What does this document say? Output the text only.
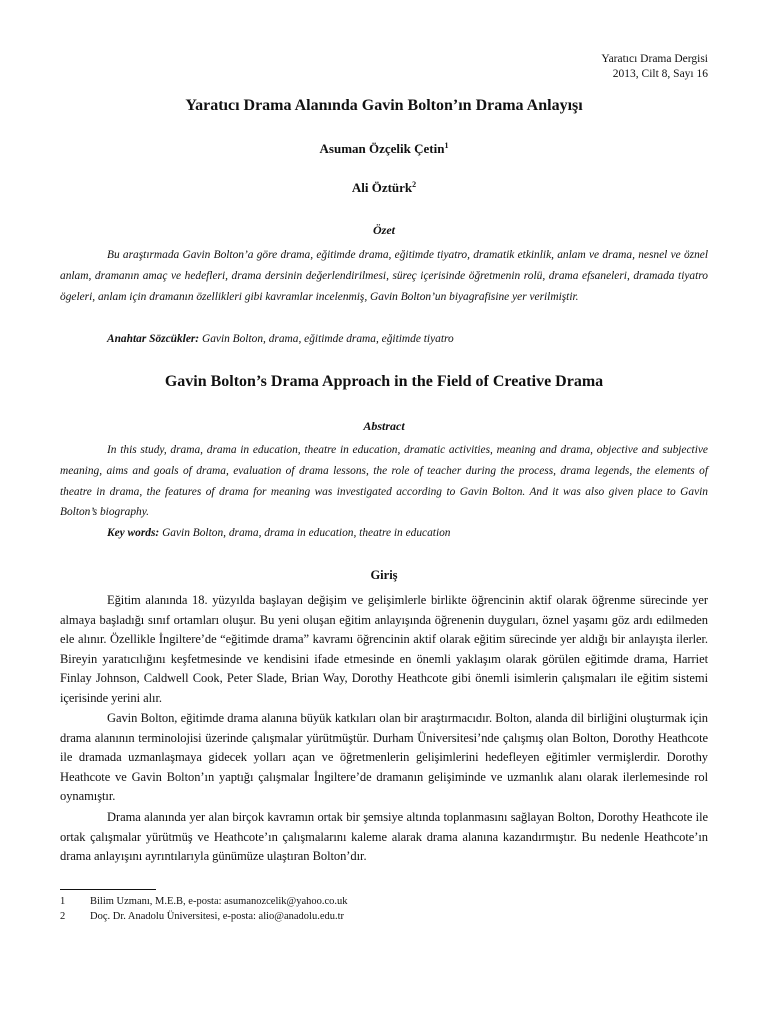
Yaratıcı Drama Dergisi
2013, Cilt 8, Sayı 16
Yaratıcı Drama Alanında Gavin Bolton’ın Drama Anlayışı
Asuman Özçelik Çetin$^1$
Ali Öztürk$^2$
Özet

Bu araştırmada Gavin Bolton’a göre drama, eğitimde drama, eğitimde tiyatro, dramatik etkinlik, anlam ve drama, nesnel ve öznel anlam, dramanın amaç ve hedefleri, drama dersinin değerlendirilmesi, süreç içerisinde öğretmenin rolü, drama efsaneleri, dramada tiyatro ögeleri, anlam için dramanın özellikleri gibi kavramlar incelenmiş, Gavin Bolton’un biyagrafisine yer verilmiştir.

Anahtar Sözcükler: Gavin Bolton, drama, eğitimde drama, eğitimde tiyatro
Gavin Bolton’s Drama Approach in the Field of Creative Drama
Abstract

In this study, drama, drama in education, theatre in education, dramatic activities, meaning and drama, objective and subjective meaning, aims and goals of drama, evaluation of drama lessons, the role of teacher during the process, drama legends, the elements of theatre in drama, the features of drama for meaning was investigated according to Gavin Bolton. And it was also given place to Gavin Bolton’s biography.

Key words: Gavin Bolton, drama, drama in education, theatre in education
Giriş

Eğitim alanında 18. yüzyılda başlayan değişim ve gelişimlerle birlikte öğrencinin aktif olarak öğrenme sürecinde yer almaya başladığı sınıf ortamları oluşur. Bu yeni oluşan eğitim anlayışında öğrenenin duyguları, öznel yaşamı göz ardı edilmeden ele alınır. Özellikle İngiltere’de “eğitimde drama” kavramı öğrencinin aktif olarak eğitim sürecinde yer aldığı bir anlayışta ilerler. Bireyin yaratıcılığını keşfetmesinde ve kendisini ifade etmesinde en önemli yaklaşım olarak görülen eğitimde drama, Harriet Finlay Johnson, Caldwell Cook, Peter Slade, Brian Way, Dorothy Heathcote gibi önemli isimlerin çalışmaları ile eğitim sistemi içerisinde yerini alır.

Gavin Bolton, eğitimde drama alanına büyük katkıları olan bir araştırmacıdır. Bolton, alanda dil birliğini oluşturmak için drama alanının terminolojisi üzerinde çalışmalar yürütmüştür. Durham Üniversitesi’nde çalışmış olan Bolton, Dorothy Heathcote ile dramada uzmanlaşmaya gidecek yolları açan ve öğretmenlerin gelişimlerini hedefleyen eğitimler vermişlerdir. Dorothy Heathcote ve Gavin Bolton’ın yaptığı çalışmalar İngiltere’de dramanın gelişiminde ve uzmanlık alanı olarak ilerlemesinde rol oynamıştır.

Drama alanında yer alan birçok kavramın ortak bir şemsiye altında toplanmasını sağlayan Bolton, Dorothy Heathcote ile ortak çalışmalar yürütmüş ve Heathcote’ın çalışmalarını kaleme alarak drama alanına kazandırmıştır. Bu nedenle Heathcote’ın drama anlayışını ayrıntılarıyla günümüze ulaştıran Bolton’dır.

1 Bilim Uzmanı, M.E.B, e-posta: asumanozcelik@yahoo.co.uk
2 Doç. Dr. Anadolu Üniversitesi, e-posta: alio@anadolu.edu.tr
